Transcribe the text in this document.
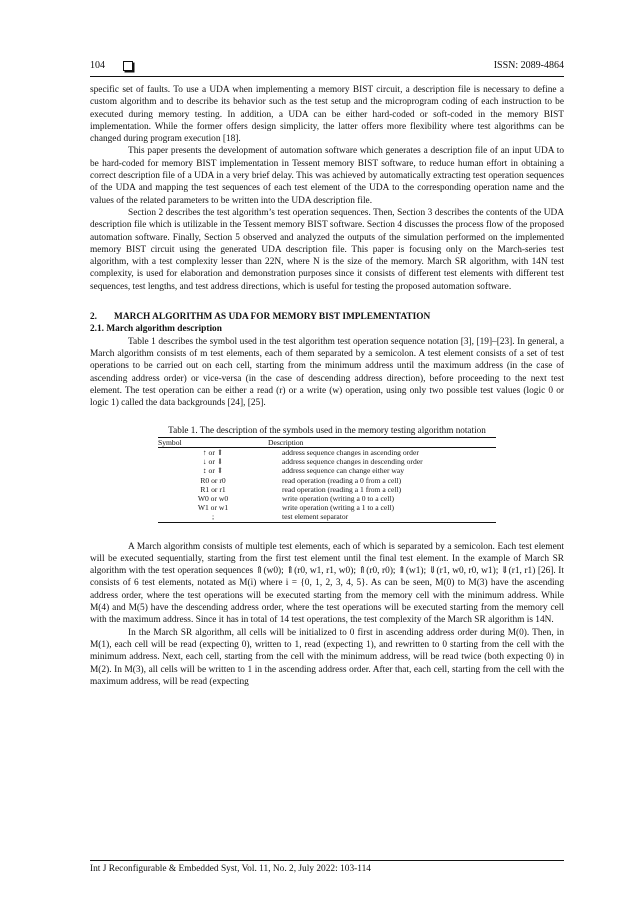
104	ISSN: 2089-4864

specific set of faults. To use a UDA when implementing a memory BIST circuit, a description file is necessary to define a custom algorithm and to describe its behavior such as the test setup and the microprogram coding of each instruction to be executed during memory testing. In addition, a UDA can be either hard-coded or soft-coded in the memory BIST implementation. While the former offers design simplicity, the latter offers more flexibility where test algorithms can be changed during program execution [18].

This paper presents the development of automation software which generates a description file of an input UDA to be hard-coded for memory BIST implementation in Tessent memory BIST software, to reduce human effort in obtaining a correct description file of a UDA in a very brief delay. This was achieved by automatically extracting test operation sequences of the UDA and mapping the test sequences of each test element of the UDA to the corresponding operation name and the values of the related parameters to be written into the UDA description file.

Section 2 describes the test algorithm’s test operation sequences. Then, Section 3 describes the contents of the UDA description file which is utilizable in the Tessent memory BIST software. Section 4 discusses the process flow of the proposed automation software. Finally, Section 5 observed and analyzed the outputs of the simulation performed on the implemented memory BIST circuit using the generated UDA description file. This paper is focusing only on the March-series test algorithm, with a test complexity lesser than 22N, where N is the size of the memory. March SR algorithm, with 14N test complexity, is used for elaboration and demonstration purposes since it consists of different test elements with different test sequences, test lengths, and test address directions, which is useful for testing the proposed automation software.

2. MARCH ALGORITHM AS UDA FOR MEMORY BIST IMPLEMENTATION

2.1. March algorithm description

Table 1 describes the symbol used in the test algorithm test operation sequence notation [3], [19]–[23]. In general, a March algorithm consists of m test elements, each of them separated by a semicolon. A test element consists of a set of test operations to be carried out on each cell, starting from the minimum address until the maximum address (in the case of ascending address order) or vice-versa (in the case of descending address direction), before proceeding to the next test element. The test operation can be either a read (r) or a write (w) operation, using only two possible test values (logic 0 or logic 1) called the data backgrounds [24], [25].

Table 1. The description of the symbols used in the memory testing algorithm notation

Symbol	Description
↑ or ⇑	address sequence changes in ascending order
↓ or ⇓	address sequence changes in descending order
↕ or ⇕	address sequence can change either way
R0 or r0	read operation (reading a 0 from a cell)
R1 or r1	read operation (reading a 1 from a cell)
W0 or w0	write operation (writing a 0 to a cell)
W1 or w1	write operation (writing a 1 to a cell)
;	test element separator

A March algorithm consists of multiple test elements, each of which is separated by a semicolon. Each test element will be executed sequentially, starting from the first test element until the final test element. In the example of March SR algorithm with the test operation sequences ⇑(w0); ⇑(r0, w1, r1, w0); ⇑(r0, r0); ⇑(w1); ⇓(r1, w0, r0, w1); ⇓(r1, r1) [26]. It consists of 6 test elements, notated as M(i) where i = {0, 1, 2, 3, 4, 5}. As can be seen, M(0) to M(3) have the ascending address order, where the test operations will be executed starting from the memory cell with the minimum address. While M(4) and M(5) have the descending address order, where the test operations will be executed starting from the memory cell with the maximum address. Since it has in total of 14 test operations, the test complexity of the March SR algorithm is 14N.

In the March SR algorithm, all cells will be initialized to 0 first in ascending address order during M(0). Then, in M(1), each cell will be read (expecting 0), written to 1, read (expecting 1), and rewritten to 0 starting from the cell with the minimum address. Next, each cell, starting from the cell with the minimum address, will be read twice (both expecting 0) in M(2). In M(3), all cells will be written to 1 in the ascending address order. After that, each cell, starting from the cell with the maximum address, will be read (expecting

Int J Reconfigurable & Embedded Syst, Vol. 11, No. 2, July 2022: 103-114
